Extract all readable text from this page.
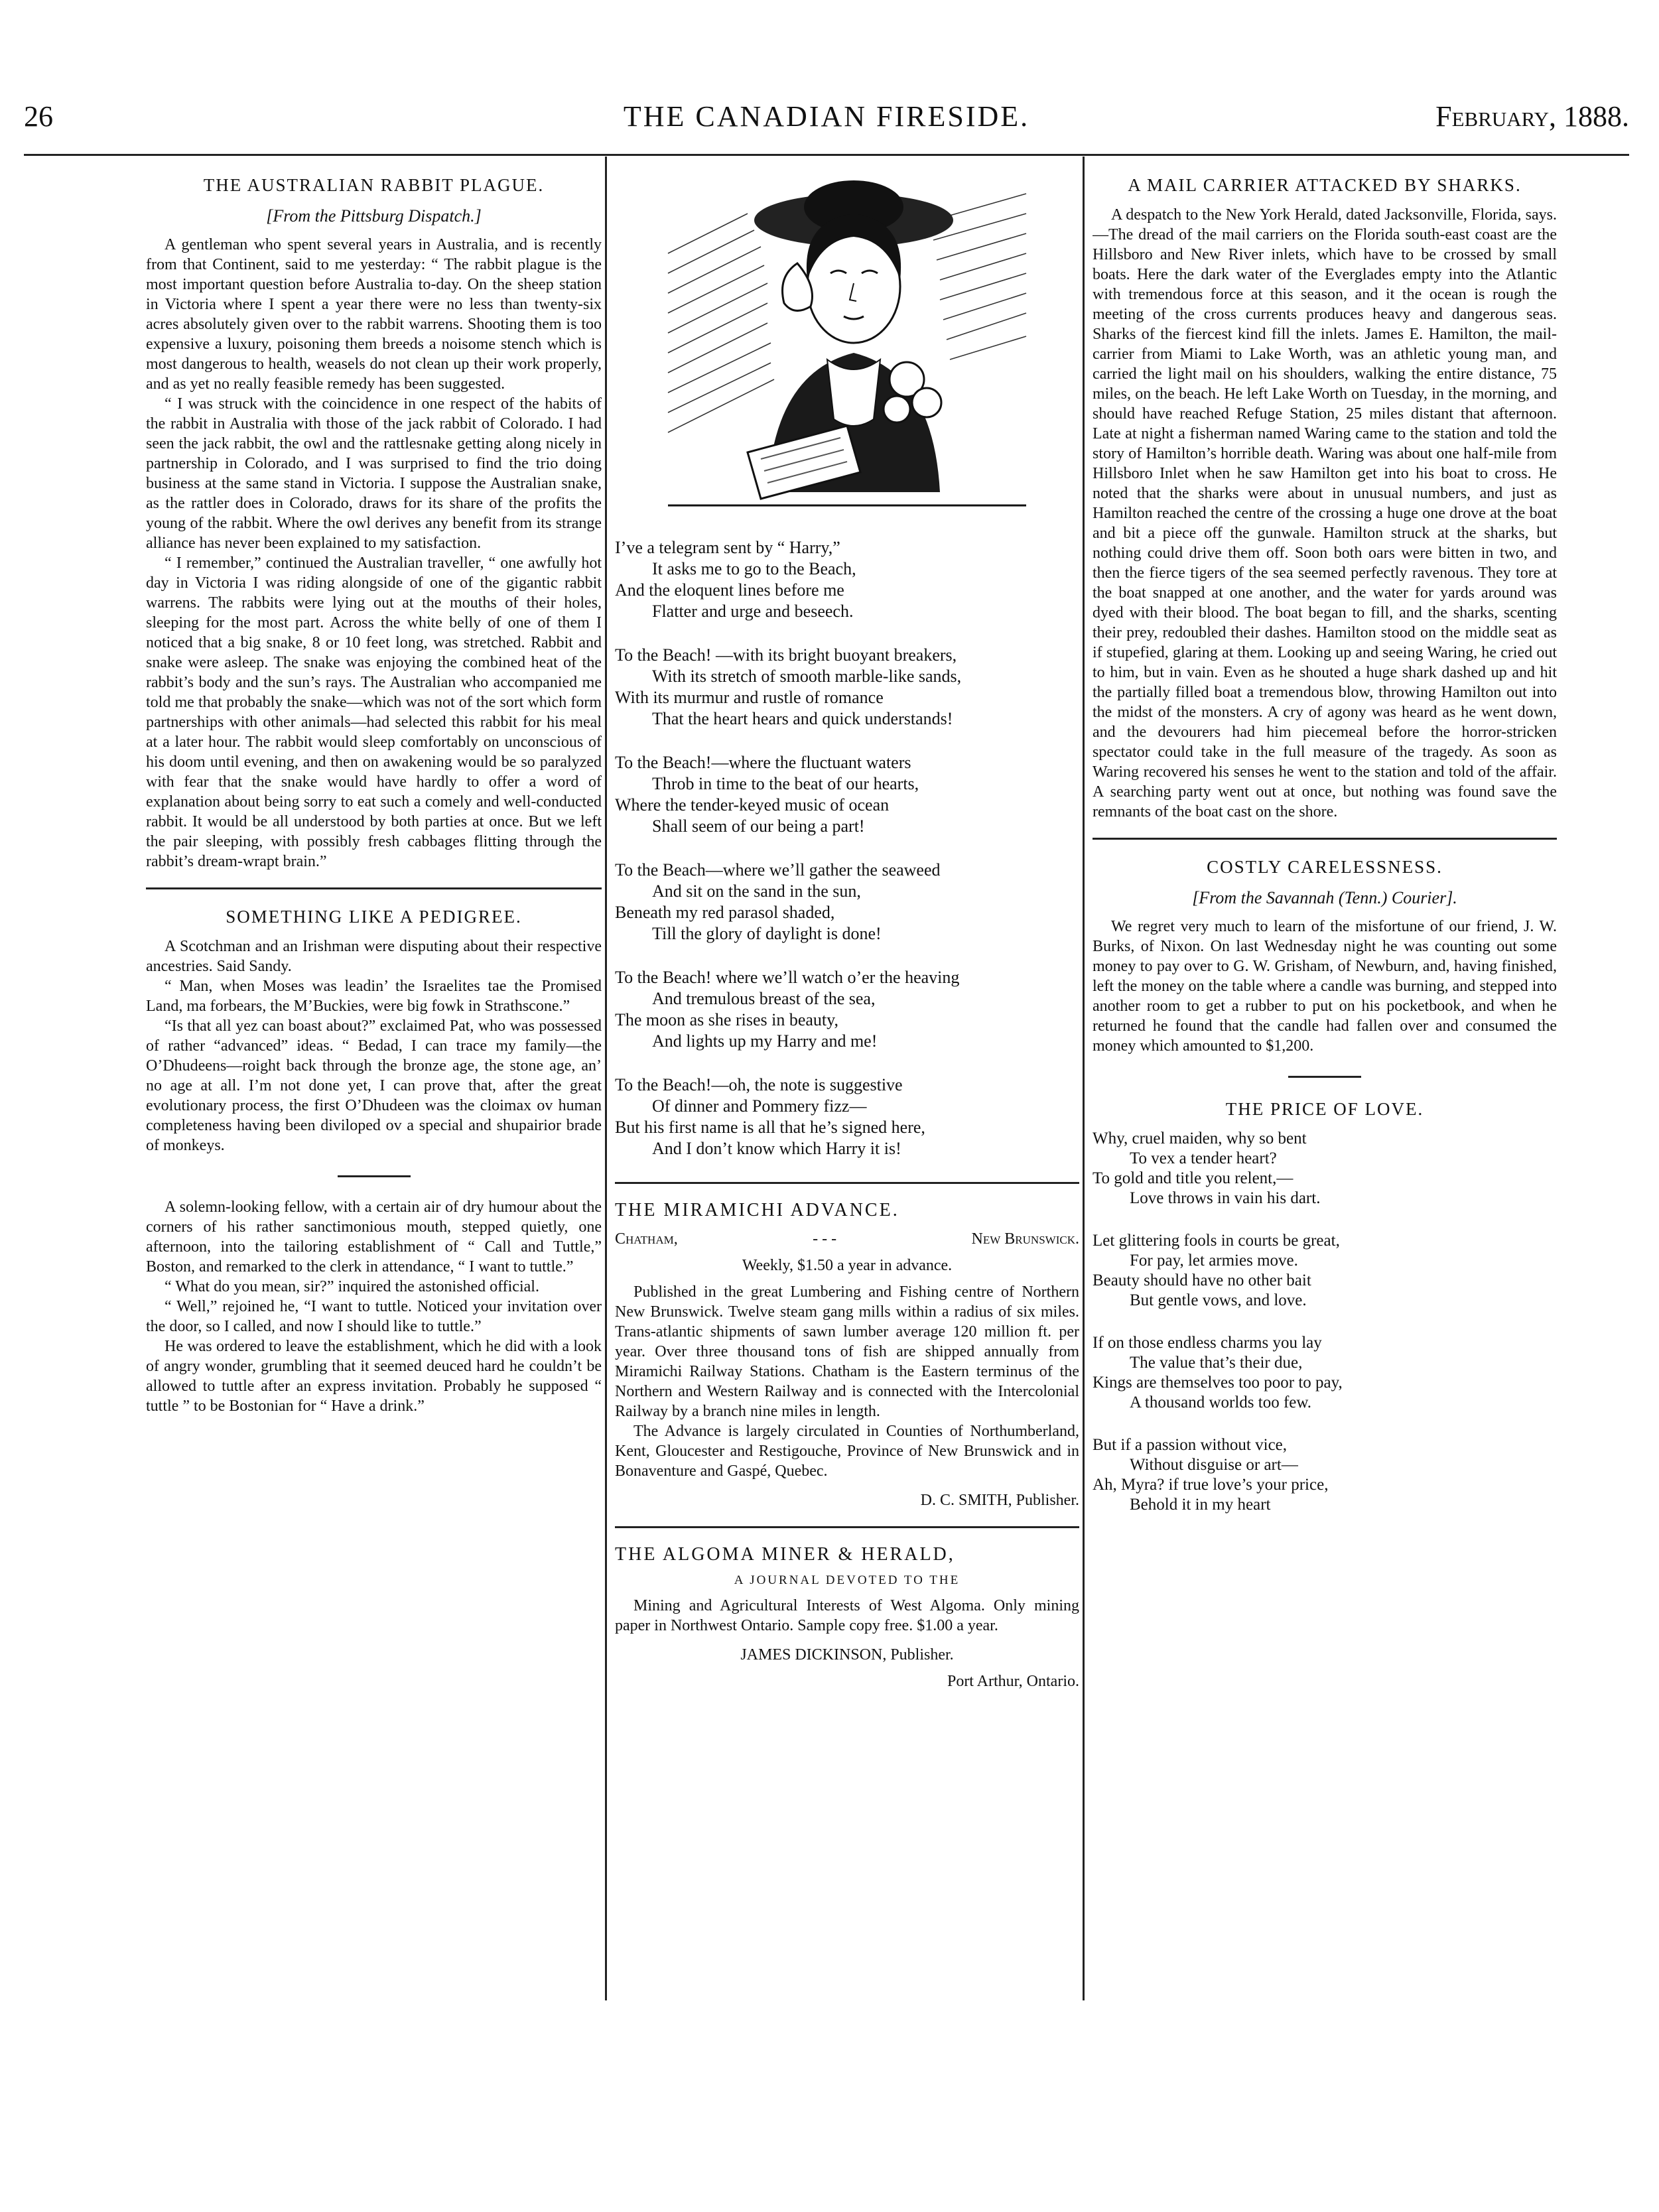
26	THE CANADIAN FIRESIDE.	February, 1888.
THE AUSTRALIAN RABBIT PLAGUE.
[From the Pittsburg Dispatch.]

A gentleman who spent several years in Australia, and is recently from that Continent, said to me yesterday: “ The rabbit plague is the most important question before Australia to-day. On the sheep station in Victoria where I spent a year there were no less than twenty-six acres absolutely given over to the rabbit warrens. Shooting them is too expensive a luxury, poisoning them breeds a noisome stench which is most dangerous to health, weasels do not clean up their work properly, and as yet no really feasible remedy has been suggested.

“ I was struck with the coincidence in one respect of the habits of the rabbit in Australia with those of the jack rabbit of Colorado. I had seen the jack rabbit, the owl and the rattlesnake getting along nicely in partnership in Colorado, and I was surprised to find the trio doing business at the same stand in Victoria. I suppose the Australian snake, as the rattler does in Colorado, draws for its share of the profits the young of the rabbit. Where the owl derives any benefit from its strange alliance has never been explained to my satisfaction.

“ I remember,” continued the Australian traveller, “ one awfully hot day in Victoria I was riding alongside of one of the gigantic rabbit warrens. The rabbits were lying out at the mouths of their holes, sleeping for the most part. Across the white belly of one of them I noticed that a big snake, 8 or 10 feet long, was stretched. Rabbit and snake were asleep. The snake was enjoying the combined heat of the rabbit’s body and the sun’s rays. The Australian who accompanied me told me that probably the snake—which was not of the sort which form partnerships with other animals—had selected this rabbit for his meal at a later hour. The rabbit would sleep comfortably on unconscious of his doom until evening, and then on awakening would be so paralyzed with fear that the snake would have hardly to offer a word of explanation about being sorry to eat such a comely and well-conducted rabbit. It would be all understood by both parties at once. But we left the pair sleeping, with possibly fresh cabbages flitting through the rabbit’s dream-wrapt brain.”

SOMETHING LIKE A PEDIGREE.

A Scotchman and an Irishman were disputing about their respective ancestries. Said Sandy.

“ Man, when Moses was leadin’ the Israelites tae the Promised Land, ma forbears, the M’Buckies, were big fowk in Strathscone.”

“Is that all yez can boast about?” exclaimed Pat, who was possessed of rather “advanced” ideas. “ Bedad, I can trace my family—the O’Dhudeens—roight back through the bronze age, the stone age, an’ no age at all. I’m not done yet, I can prove that, after the great evolutionary process, the first O’Dhudeen was the cloimax ov human completeness having been diviloped ov a special and shupairior brade of monkeys.

A solemn-looking fellow, with a certain air of dry humour about the corners of his rather sanctimonious mouth, stepped quietly, one afternoon, into the tailoring establishment of “ Call and Tuttle,” Boston, and remarked to the clerk in attendance, “ I want to tuttle.”

“ What do you mean, sir?” inquired the astonished official.

“ Well,” rejoined he, “I want to tuttle. Noticed your invitation over the door, so I called, and now I should like to tuttle.”

He was ordered to leave the establishment, which he did with a look of angry wonder, grumbling that it seemed deuced hard he couldn’t be allowed to tuttle after an express invitation. Probably he supposed “ tuttle ” to be Bostonian for “ Have a drink.”

I’ve a telegram sent by “ Harry,”
It asks me to go to the Beach,
And the eloquent lines before me
Flatter and urge and beseech.
To the Beach! —with its bright buoyant breakers,
With its stretch of smooth marble-like sands,
With its murmur and rustle of romance
That the heart hears and quick understands!
To the Beach!—where the fluctuant waters
Throb in time to the beat of our hearts,
Where the tender-keyed music of ocean
Shall seem of our being a part!
To the Beach—where we’ll gather the seaweed
And sit on the sand in the sun,
Beneath my red parasol shaded,
Till the glory of daylight is done!
To the Beach! where we’ll watch o’er the heaving
And tremulous breast of the sea,
The moon as she rises in beauty,
And lights up my Harry and me!
To the Beach!—oh, the note is suggestive
Of dinner and Pommery fizz—
But his first name is all that he’s signed here,
And I don’t know which Harry it is!
THE MIRAMICHI ADVANCE.
Chatham,	- - -	New Brunswick.
Weekly, $1.50 a year in advance.

Published in the great Lumbering and Fishing centre of Northern New Brunswick. Twelve steam gang mills within a radius of six miles. Trans-atlantic shipments of sawn lumber average 120 million ft. per year. Over three thousand tons of fish are shipped annually from Miramichi Railway Stations. Chatham is the Eastern terminus of the Northern and Western Railway and is connected with the Intercolonial Railway by a branch nine miles in length.

The Advance is largely circulated in Counties of Northumberland, Kent, Gloucester and Restigouche, Province of New Brunswick and in Bonaventure and Gaspé, Quebec.

D. C. SMITH, Publisher.
THE ALGOMA MINER & HERALD,
A JOURNAL DEVOTED TO THE

Mining and Agricultural Interests of West Algoma. Only mining paper in Northwest Ontario. Sample copy free. $1.00 a year.

JAMES DICKINSON, Publisher.
Port Arthur, Ontario.
A MAIL CARRIER ATTACKED BY SHARKS.

A despatch to the New York Herald, dated Jacksonville, Florida, says.—The dread of the mail carriers on the Florida south-east coast are the Hillsboro and New River inlets, which have to be crossed by small boats. Here the dark water of the Everglades empty into the Atlantic with tremendous force at this season, and it the ocean is rough the meeting of the cross currents produces heavy and dangerous seas. Sharks of the fiercest kind fill the inlets. James E. Hamilton, the mail-carrier from Miami to Lake Worth, was an athletic young man, and carried the light mail on his shoulders, walking the entire distance, 75 miles, on the beach. He left Lake Worth on Tuesday, in the morning, and should have reached Refuge Station, 25 miles distant that afternoon. Late at night a fisherman named Waring came to the station and told the story of Hamilton’s horrible death. Waring was about one half-mile from Hillsboro Inlet when he saw Hamilton get into his boat to cross. He noted that the sharks were about in unusual numbers, and just as Hamilton reached the centre of the crossing a huge one drove at the boat and bit a piece off the gunwale. Hamilton struck at the sharks, but nothing could drive them off. Soon both oars were bitten in two, and then the fierce tigers of the sea seemed perfectly ravenous. They tore at the boat snapped at one another, and the water for yards around was dyed with their blood. The boat began to fill, and the sharks, scenting their prey, redoubled their dashes. Hamilton stood on the middle seat as if stupefied, glaring at them. Looking up and seeing Waring, he cried out to him, but in vain. Even as he shouted a huge shark dashed up and hit the partially filled boat a tremendous blow, throwing Hamilton out into the midst of the monsters. A cry of agony was heard as he went down, and the devourers had him piecemeal before the horror-stricken spectator could take in the full measure of the tragedy. As soon as Waring recovered his senses he went to the station and told of the affair. A searching party went out at once, but nothing was found save the remnants of the boat cast on the shore.

COSTLY CARELESSNESS.
[From the Savannah (Tenn.) Courier].

We regret very much to learn of the misfortune of our friend, J. W. Burks, of Nixon. On last Wednesday night he was counting out some money to pay over to G. W. Grisham, of Newburn, and, having finished, left the money on the table where a candle was burning, and stepped into another room to get a rubber to put on his pocketbook, and when he returned he found that the candle had fallen over and consumed the money which amounted to $1,200.

THE PRICE OF LOVE.
Why, cruel maiden, why so bent
To vex a tender heart?
To gold and title you relent,—
Love throws in vain his dart.
Let glittering fools in courts be great,
For pay, let armies move.
Beauty should have no other bait
But gentle vows, and love.
If on those endless charms you lay
The value that’s their due,
Kings are themselves too poor to pay,
A thousand worlds too few.
But if a passion without vice,
Without disguise or art—
Ah, Myra? if true love’s your price,
Behold it in my heart
